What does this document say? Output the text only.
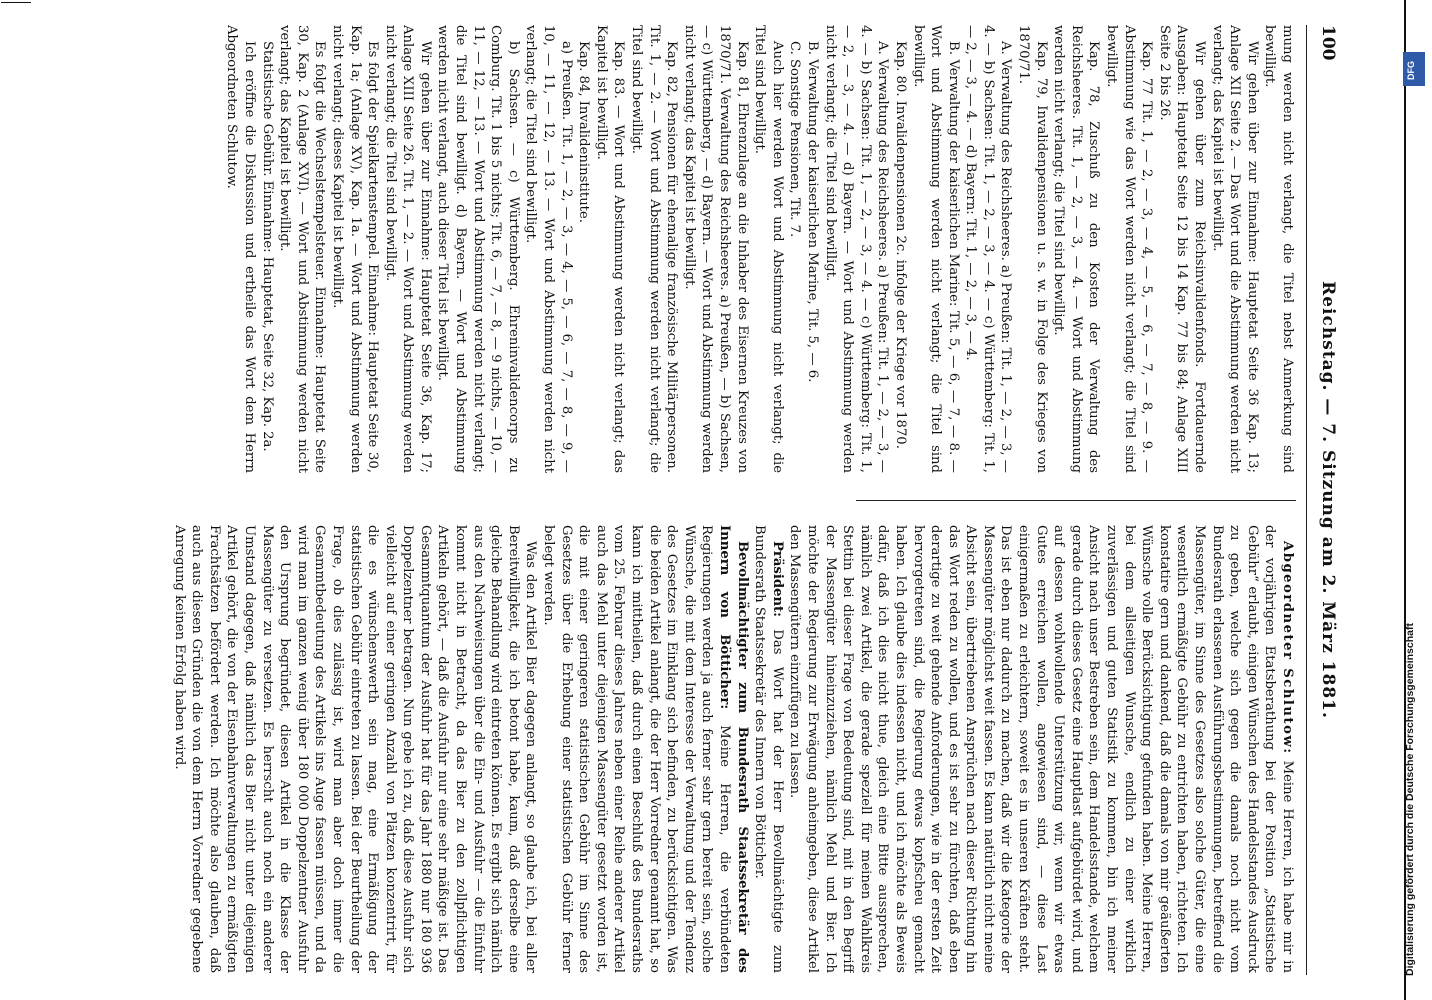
100
Reichstag. — 7. Sitzung am 2. März 1881.

mung werden nicht verlangt, die Titel nebst Anmerkung sind bewilligt.

Wir gehen über zur Einnahme: Hauptetat Seite 36 Kap. 13; Anlage XII Seite 2. — Das Wort und die Abstimmung werden nicht verlangt; das Kapitel ist bewilligt.

Wir gehen über zum Reichsinvalidenfonds. Fortdauernde Ausgaben: Hauptetat Seite 12 bis 14 Kap. 77 bis 84; Anlage XIII Seite 2 bis 26.

Kap. 77 Tit. 1, — 2, — 3, — 4, — 5, — 6, — 7, — 8, — 9. — Abstimmung wie das Wort werden nicht verlangt; die Titel sind bewilligt.

Kap. 78, Zuschuß zu den Kosten der Verwaltung des Reichsheeres. Tit. 1, — 2, — 3, — 4. — Wort und Abstimmung werden nicht verlangt; die Titel sind bewilligt.

Kap. 79, Invalidenpensionen u. s. w. in Folge des Krieges von 1870/71.

A. Verwaltung des Reichsheeres. a) Preußen: Tit. 1, — 2, — 3, — 4. — b) Sachsen: Tit. 1, — 2, — 3, — 4. — c) Württemberg: Tit. 1, — 2, — 3, — 4. — d) Bayern: Tit. 1, — 2, — 3, — 4.

B. Verwaltung der kaiserlichen Marine: Tit. 5, — 6, — 7, — 8. — Wort und Abstimmung werden nicht verlangt; die Titel sind bewilligt.

Kap. 80. Invalidenpensionen 2c. infolge der Kriege vor 1870.

A. Verwaltung des Reichsheeres. a) Preußen: Tit. 1, — 2, — 3, — 4. — b) Sachsen: Tit. 1, — 2, — 3, — 4. — c) Württemberg: Tit. 1, — 2, — 3, — 4. — d) Bayern. — Wort und Abstimmung werden nicht verlangt; die Titel sind bewilligt.

B. Verwaltung der kaiserlichen Marine, Tit. 5, — 6.

C. Sonstige Pensionen, Tit. 7.

Auch hier werden Wort und Abstimmung nicht verlangt; die Titel sind bewilligt.

Kap. 81, Ehrenzulage an die Inhaber des Eisernen Kreuzes von 1870/71. Verwaltung des Reichsheeres. a) Preußen, — b) Sachsen, — c) Württemberg, — d) Bayern. — Wort und Abstimmung werden nicht verlangt; das Kapitel ist bewilligt.

Kap. 82, Pensionen für ehemalige französische Militärpersonen. Tit. 1, — 2. — Wort und Abstimmung werden nicht verlangt; die Titel sind bewilligt.

Kap. 83. — Wort und Abstimmung werden nicht verlangt; das Kapitel ist bewilligt.

Kap. 84, Invalideninstitute.

a) Preußen. Tit. 1, — 2, — 3, — 4, — 5, — 6, — 7, — 8, — 9, — 10, — 11, — 12, — 13. — Wort und Abstimmung werden nicht verlangt; die Titel sind bewilligt.

b) Sachsen. — c) Württemberg. Ehreninvalidencorps zu Comburg. Tit. 1 bis 5 nichts; Tit. 6, — 7, — 8, — 9 nichts, — 10, — 11, — 12, — 13. — Wort und Abstimmung werden nicht verlangt; die Titel sind bewilligt. d) Bayern. — Wort und Abstimmung werden nicht verlangt, auch dieser Titel ist bewilligt.

Wir gehen über zur Einnahme: Hauptetat Seite 36, Kap. 17; Anlage XIII Seite 26. Tit. 1, — 2. — Wort und Abstimmung werden nicht verlangt; die Titel sind bewilligt.

Es folgt der Spielkartenstempel. Einnahme: Hauptetat Seite 30, Kap. 1a; (Anlage XV), Kap. 1a. — Wort und Abstimmung werden nicht verlangt; dieses Kapitel ist bewilligt.

Es folgt die Wechselstempelsteuer. Einnahme: Hauptetat Seite 30, Kap. 2 (Anlage XVI). — Wort und Abstimmung werden nicht verlangt; das Kapitel ist bewilligt.

Statistische Gebühr. Einnahme: Hauptetat, Seite 32, Kap. 2a.

Ich eröffne die Diskussion und ertheile das Wort dem Herrn Abgeordneten Schlutow.

Abgeordneter Schlutow: Meine Herren, ich habe mir in der vorjährigen Etatsberathung bei der Position „Statistische Gebühr“ erlaubt, einigen Wünschen des Handelsstandes Ausdruck zu geben, welche sich gegen die damals noch nicht vom Bundesrath erlassenen Ausführungsbestimmungen, betreffend die Massengüter, im Sinne des Gesetzes also solche Güter, die eine wesentlich ermäßigte Gebühr zu entrichten haben, richteten. Ich konstatire gern und dankend, daß die damals von mir geäußerten Wünsche volle Berücksichtigung gefunden haben. Meine Herren, bei dem allseitigen Wunsche, endlich zu einer wirklich zuverlässigen und guten Statistik zu kommen, bin ich meiner Ansicht nach unser Bestreben sein, dem Handelsstande, welchem gerade durch dieses Gesetz eine Hauptlast aufgebürdet wird, und auf dessen wohlwollende Unterstützung wir, wenn wir etwas Gutes erreichen wollen, angewiesen sind, — diese Last einigermaßen zu erleichtern, soweit es in unseren Kräften steht. Das ist eben nur dadurch zu machen, daß wir die Kategorie der Massengüter möglichst weit fassen. Es kann natürlich nicht meine Absicht sein, übertriebenen Ansprüchen nach dieser Richtung hin das Wort reden zu wollen, und es ist sehr zu fürchten, daß eben derartige zu weit gehende Anforderungen, wie in der ersten Zeit hervorgetreten sind, die Regierung etwas kopfscheu gemacht haben. Ich glaube dies indessen nicht, und ich möchte als Beweis dafür, daß ich dies nicht thue, gleich eine Bitte aussprechen, nämlich zwei Artikel, die gerade speziell für meinen Wahlkreis Stettin bei dieser Frage von Bedeutung sind, mit in den Begriff der Massengüter hineinzuziehen, nämlich Mehl und Bier. Ich möchte der Regierung zur Erwägung anheimgeben, diese Artikel den Massengütern einzufügen zu lassen.

Präsident: Das Wort hat der Herr Bevollmächtigte zum Bundesrath Staatssekretär des Innern von Bötticher.

Bevollmächtigter zum Bundesrath Staatssekretär des Innern von Bötticher: Meine Herren, die verbündeten Regierungen werden ja auch ferner sehr gern bereit sein, solche Wünsche, die mit dem Interesse der Verwaltung und der Tendenz des Gesetzes im Einklang sich befinden, zu berücksichtigen. Was die beiden Artikel anlangt, die der Herr Vorredner genannt hat, so kann ich mittheilen, daß durch einen Beschluß des Bundesraths vom 25. Februar dieses Jahres neben einer Reihe anderer Artikel auch das Mehl unter diejenigen Massengüter gesetzt worden ist, die mit einer geringeren statistischen Gebühr im Sinne des Gesetzes über die Erhebung einer statistischen Gebühr ferner belegt werden.

Was den Artikel Bier dagegen anlangt, so glaube ich, bei aller Bereitwilligkeit, die ich betont habe, kaum, daß derselbe eine gleiche Behandlung wird eintreten können. Es ergibt sich nämlich aus den Nachweisungen über die Ein- und Ausfuhr — die Einfuhr kommt nicht in Betracht, da das Bier zu den zollpflichtigen Artikeln gehört, — daß die Ausfuhr nur eine sehr mäßige ist. Das Gesammtquantum der Ausfuhr hat für das Jahr 1880 nur 180 936 Doppelzentner betragen. Nun gebe ich zu, daß diese Ausfuhr sich vielleicht auf einer geringen Anzahl von Plätzen konzentrirt, für die es wünschenswerth sein mag, eine Ermäßigung der statistischen Gebühr eintreten zu lassen. Bei der Beurtheilung der Frage, ob dies zulässig ist, wird man aber doch immer die Gesammtbedeutung des Artikels ins Auge fassen müssen, und da wird man im ganzen wenig über 180 000 Doppelzentner Ausfuhr den Ursprung begründet, diesen Artikel in die Klasse der Massengüter zu versetzen. Es herrscht auch noch ein anderer Umstand dagegen, daß nämlich das Bier nicht unter diejenigen Artikel gehört, die von der Eisenbahnverwaltungen zu ermäßigten Frachtsätzen befördert werden. Ich möchte also glauben, daß auch aus diesen Gründen die von dem Herrn Vorredner gegebene Anregung keinen Erfolg haben wird.	Digitalisierung gefördert durch die Deutsche Forschungsgemeinschaft
DFG
